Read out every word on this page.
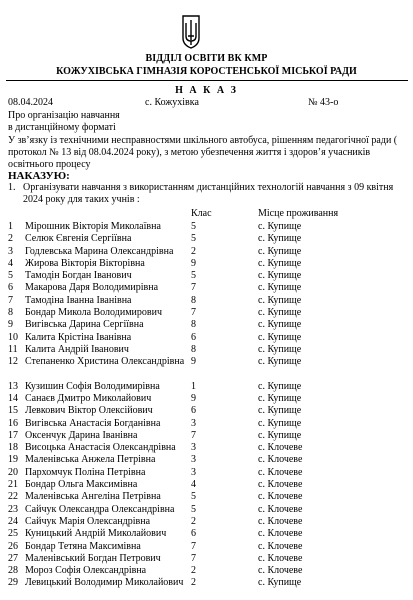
ВІДДІЛ ОСВІТИ ВК КМР
КОЖУХІВСЬКА ГІМНАЗІЯ КОРОСТЕНСЬКОЇ МІСЬКОЇ РАДИ
Н А К А З
08.04.2024	с. Кожухівка	№ 43-о
Про організацію навчання
в дистанційному форматі
У зв’язку із технічними несправностями шкільного автобуса, рішенням педагогічної ради ( протокол № 13 від 08.04.2024 року), з метою убезпечення життя і здоров’я учасників освітнього процесу
НАКАЗУЮ:
1. Організувати навчання з використанням дистанційних технологій навчання з 09 квітня 2024 року для таких учнів :
Клас	Місце проживання
1 Мірошник Вікторія Миколаївна	5	с. Купище
2 Селюк Євгенія Сергіївна	5	с. Купище
3 Годлевська Марина Олександрівна	2	с. Купище
4 Жирова Вікторія Вікторівна	9	с. Купище
5 Тамодін Богдан Іванович	5	с. Купище
6 Макарова Даря Володимирівна	7	с. Купище
7 Тамодіна Іванна Іванівна	8	с. Купище
8 Бондар Микола Володимирович	7	с. Купище
9 Вигівська Дарина Сергіївна	8	с. Купище
10 Калита Крістіна Іванівна	6	с. Купище
11 Калита Андрій Іванович	8	с. Купище
12 Степаненко Христина Олександрівна 9	с. Купище
13 Кузишин Софія Володимирівна	1	с. Купище
14 Санаєв Дмитро Миколайович	9	с. Купище
15 Левкович Віктор Олексійович	6	с. Купище
16 Вигівська Анастасія Богданівна	3	с. Купище
17 Оксенчук Дарина Іванівна	7	с. Купище
18 Висоцька Анастасія Олександрівна	3	с. Клочеве
19 Маленівська Анжела Петрівна	3	с. Клочеве
20 Пархомчук Поліна Петрівна	3	с. Клочеве
21 Бондар Ольга Максимівна	4	с. Клочеве
22 Маленівська Ангеліна Петрівна	5	с. Клочеве
23 Сайчук Олександра Олександрівна	5	с. Клочеве
24 Сайчук Марія Олександрівна	2	с. Клочеве
25 Куницький Андрій Миколайович	6	с. Клочеве
26 Бондар Тетяна Максимівна	7	с. Клочеве
27 Маленівський Богдан Петрович	7	с. Клочеве
28 Мороз Софія Олександрівна	2	с. Клочеве
29 Левицький Володимир Миколайович 2	с. Купище
